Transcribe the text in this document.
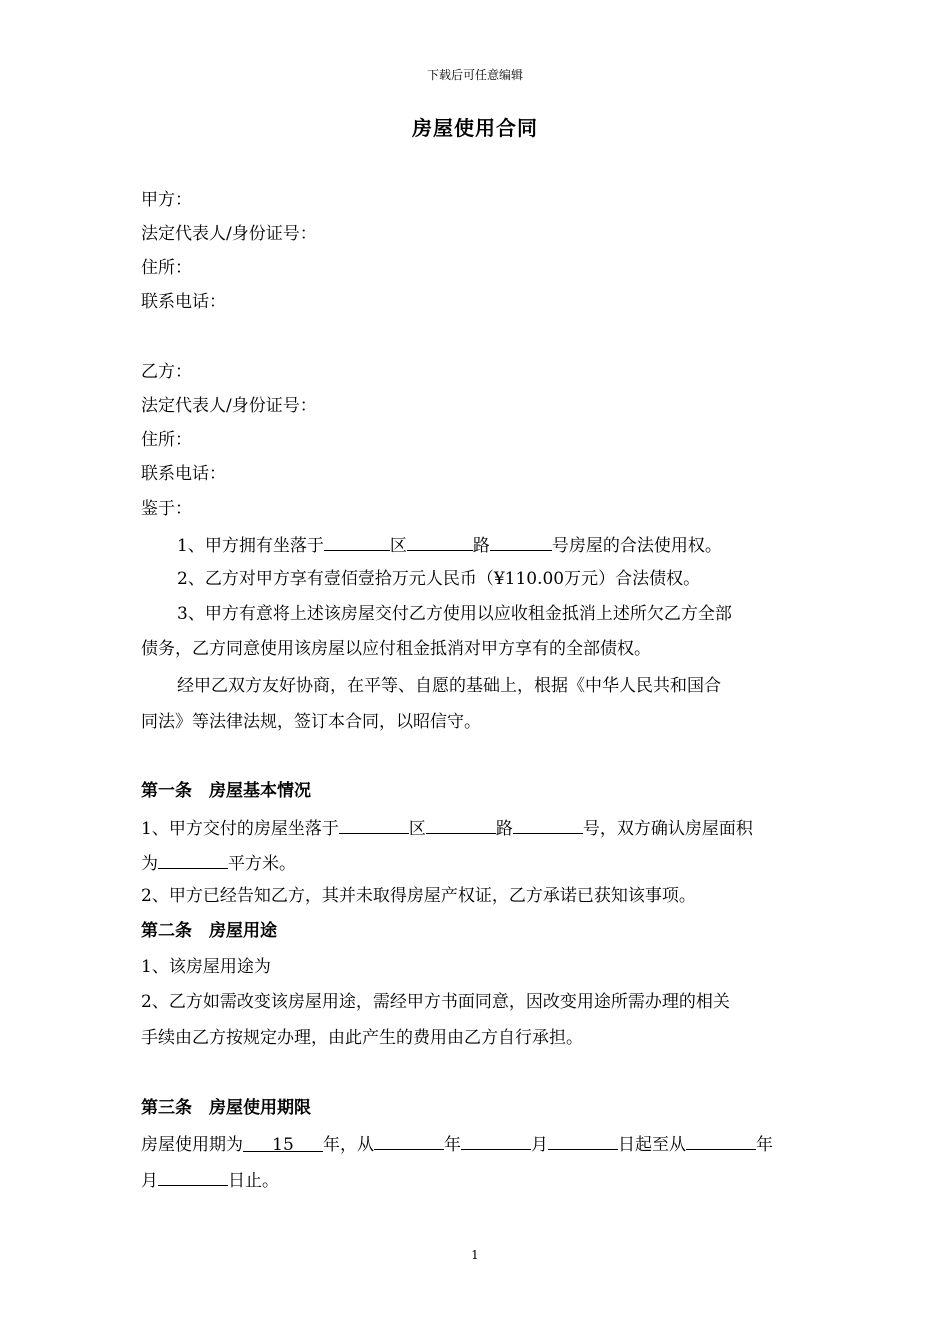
下载后可任意编辑
房屋使用合同
甲方：
法定代表人/身份证号：
住所：
联系电话：
乙方：
法定代表人/身份证号：
住所：
联系电话：
鉴于：
1、甲方拥有坐落于	区	路	号房屋的合法使用权。
2、乙方对甲方享有壹佰壹拾万元人民币（¥110.00万元）合法债权。
3、甲方有意将上述该房屋交付乙方使用以应收租金抵消上述所欠乙方全部
债务，乙方同意使用该房屋以应付租金抵消对甲方享有的全部债权。
经甲乙双方友好协商，在平等、自愿的基础上，根据《中华人民共和国合
同法》等法律法规，签订本合同，以昭信守。
第一条　房屋基本情况
1、甲方交付的房屋坐落于	区	路	号，双方确认房屋面积
为	平方米。
2、甲方已经告知乙方，其并未取得房屋产权证，乙方承诺已获知该事项。
第二条　房屋用途
1、该房屋用途为
2、乙方如需改变该房屋用途，需经甲方书面同意，因改变用途所需办理的相关
手续由乙方按规定办理，由此产生的费用由乙方自行承担。
第三条　房屋使用期限
房屋使用期为 15 年，从	年	月	日起至从	年
月	日止。
1
